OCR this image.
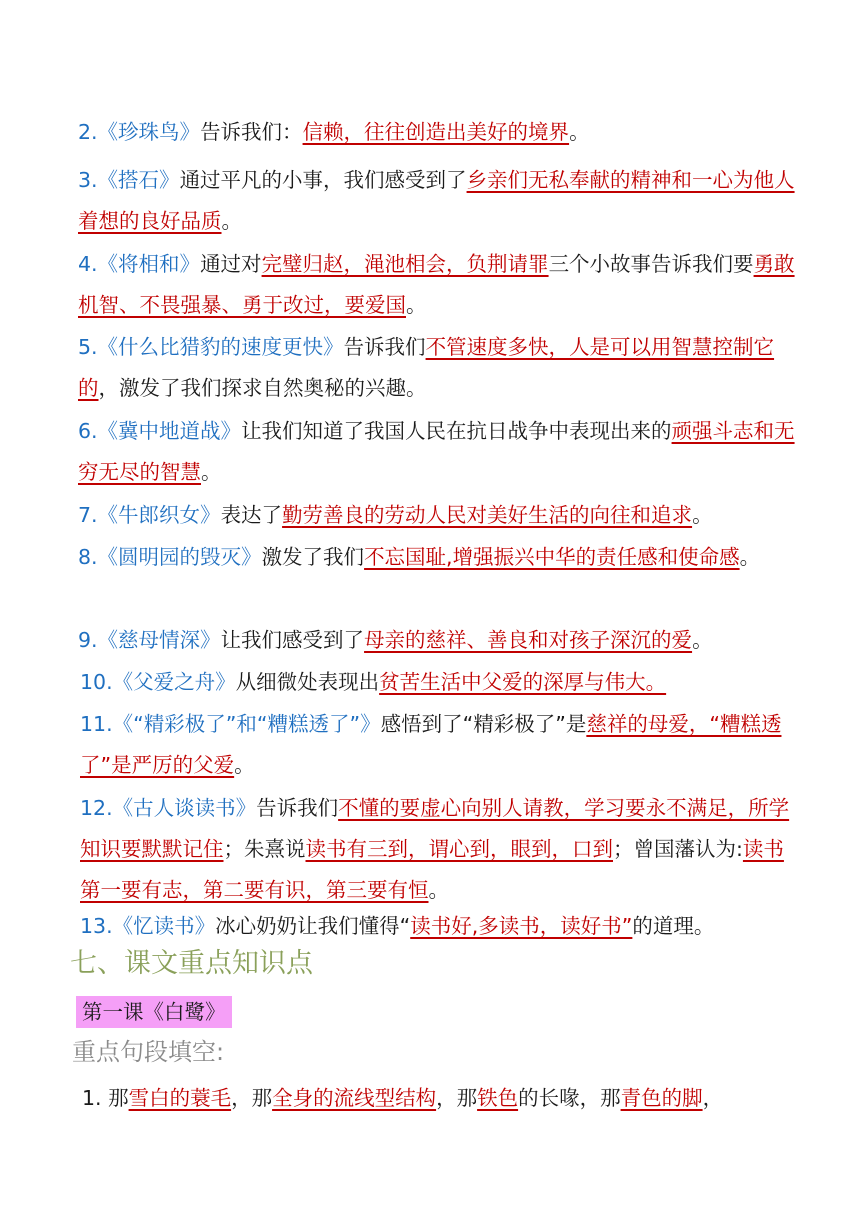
2.《珍珠鸟》告诉我们：信赖，往往创造出美好的境界。
3.《搭石》通过平凡的小事，我们感受到了乡亲们无私奉献的精神和一心为他人着想的良好品质。
4.《将相和》通过对完璧归赵，渑池相会，负荆请罪三个小故事告诉我们要勇敢机智、不畏强暴、勇于改过，要爱国。
5.《什么比猎豹的速度更快》告诉我们不管速度多快，人是可以用智慧控制它的，激发了我们探求自然奥秘的兴趣。
6.《冀中地道战》让我们知道了我国人民在抗日战争中表现出来的顽强斗志和无穷无尽的智慧。
7.《牛郎织女》表达了勤劳善良的劳动人民对美好生活的向往和追求。
8.《圆明园的毁灭》激发了我们不忘国耻,增强振兴中华的责任感和使命感。
9.《慈母情深》让我们感受到了母亲的慈祥、善良和对孩子深沉的爱。
10.《父爱之舟》从细微处表现出贫苦生活中父爱的深厚与伟大。
11.《“精彩极了”和“糟糕透了”》感悟到了“精彩极了”是慈祥的母爱，“糟糕透了”是严厉的父爱。
12.《古人谈读书》告诉我们不懂的要虚心向别人请教，学习要永不满足，所学知识要默默记住；朱熹说读书有三到，谓心到，眼到，口到；曾国藩认为:读书第一要有志，第二要有识，第三要有恒。
13.《忆读书》冰心奶奶让我们懂得“读书好,多读书，读好书”的道理。
七、课文重点知识点
第一课《白鹭》
重点句段填空:
1. 那雪白的蓑毛，那全身的流线型结构，那铁色的长喙，那青色的脚，
